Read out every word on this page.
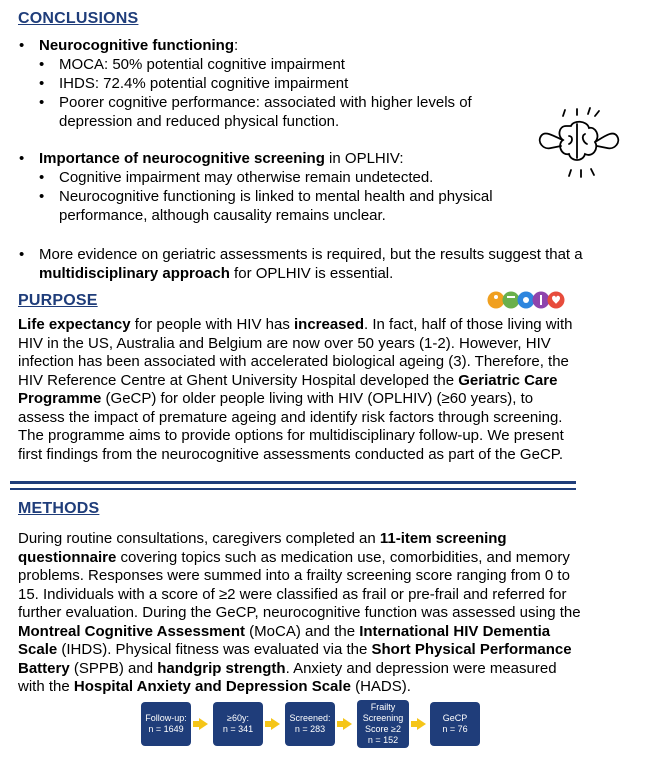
CONCLUSIONS
• Neurocognitive functioning:
• MOCA: 50% potential cognitive impairment
• IHDS: 72.4% potential cognitive impairment
• Poorer cognitive performance: associated with higher levels of depression and reduced physical function.
• Importance of neurocognitive screening in OPLHIV:
• Cognitive impairment may otherwise remain undetected.
• Neurocognitive functioning is linked to mental health and physical performance, although causality remains unclear.
• More evidence on geriatric assessments is required, but the results suggest that a multidisciplinary approach for OPLHIV is essential.
PURPOSE
Life expectancy for people with HIV has increased. In fact, half of those living with HIV in the US, Australia and Belgium are now over 50 years (1-2). However, HIV infection has been associated with accelerated biological ageing (3). Therefore, the HIV Reference Centre at Ghent University Hospital developed the Geriatric Care Programme (GeCP) for older people living with HIV (OPLHIV) (≥60 years), to assess the impact of premature ageing and identify risk factors through screening. The programme aims to provide options for multidisciplinary follow-up. We present first findings from the neurocognitive assessments conducted as part of the GeCP.
METHODS
During routine consultations, caregivers completed an 11-item screening questionnaire covering topics such as medication use, comorbidities, and memory problems. Responses were summed into a frailty screening score ranging from 0 to 15. Individuals with a score of ≥2 were classified as frail or pre-frail and referred for further evaluation. During the GeCP, neurocognitive function was assessed using the Montreal Cognitive Assessment (MoCA) and the International HIV Dementia Scale (IHDS). Physical fitness was evaluated via the Short Physical Performance Battery (SPPB) and handgrip strength. Anxiety and depression were measured with the Hospital Anxiety and Depression Scale (HADS).
Follow-up:
n = 1649
≥60y:
n = 341
Screened:
n = 283
Frailty
Screening
Score ≥2
n = 152
GeCP
n = 76
